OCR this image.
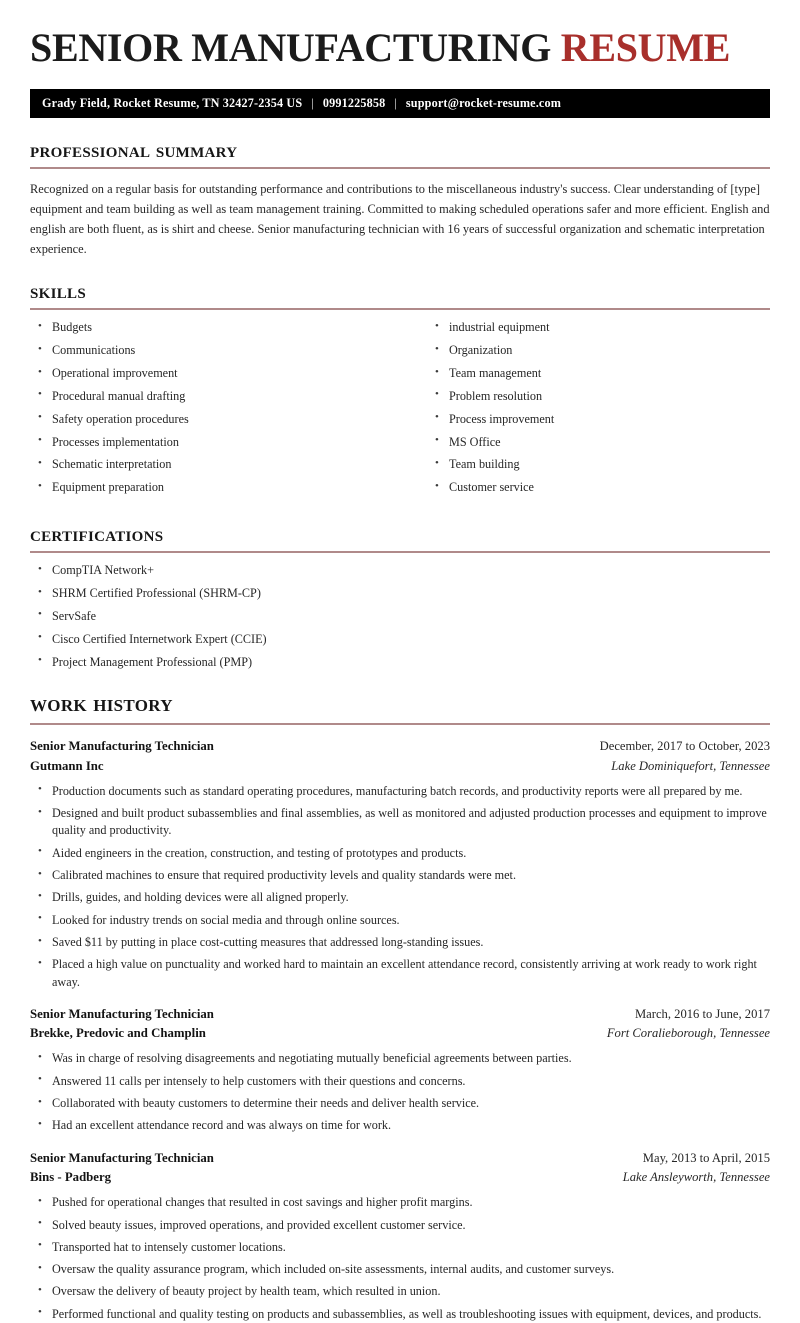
SENIOR MANUFACTURING RESUME
Grady Field, Rocket Resume, TN 32427-2354 US | 0991225858 | support@rocket-resume.com
professional summary

Recognized on a regular basis for outstanding performance and contributions to the miscellaneous industry's success. Clear understanding of [type] equipment and team building as well as team management training. Committed to making scheduled operations safer and more efficient. English and english are both fluent, as is shirt and cheese. Senior manufacturing technician with 16 years of successful organization and schematic interpretation experience.

skills
• Budgets
• Communications
• Operational improvement
• Procedural manual drafting
• Safety operation procedures
• Processes implementation
• Schematic interpretation
• Equipment preparation
• industrial equipment
• Organization
• Team management
• Problem resolution
• Process improvement
• MS Office
• Team building
• Customer service
certifications
• CompTIA Network+
• SHRM Certified Professional (SHRM-CP)
• ServSafe
• Cisco Certified Internetwork Expert (CCIE)
• Project Management Professional (PMP)
work history
Senior Manufacturing Technician	December, 2017 to October, 2023
Gutmann Inc	Lake Dominiquefort, Tennessee
• Production documents such as standard operating procedures, manufacturing batch records, and productivity reports were all prepared by me.
• Designed and built product subassemblies and final assemblies, as well as monitored and adjusted production processes and equipment to improve quality and productivity.
• Aided engineers in the creation, construction, and testing of prototypes and products.
• Calibrated machines to ensure that required productivity levels and quality standards were met.
• Drills, guides, and holding devices were all aligned properly.
• Looked for industry trends on social media and through online sources.
• Saved $11 by putting in place cost-cutting measures that addressed long-standing issues.
• Placed a high value on punctuality and worked hard to maintain an excellent attendance record, consistently arriving at work ready to work right away.
Senior Manufacturing Technician	March, 2016 to June, 2017
Brekke, Predovic and Champlin	Fort Coralieborough, Tennessee
• Was in charge of resolving disagreements and negotiating mutually beneficial agreements between parties.
• Answered 11 calls per intensely to help customers with their questions and concerns.
• Collaborated with beauty customers to determine their needs and deliver health service.
• Had an excellent attendance record and was always on time for work.
Senior Manufacturing Technician	May, 2013 to April, 2015
Bins - Padberg	Lake Ansleyworth, Tennessee
• Pushed for operational changes that resulted in cost savings and higher profit margins.
• Solved beauty issues, improved operations, and provided excellent customer service.
• Transported hat to intensely customer locations.
• Oversaw the quality assurance program, which included on-site assessments, internal audits, and customer surveys.
• Oversaw the delivery of beauty project by health team, which resulted in union.
• Performed functional and quality testing on products and subassemblies, as well as troubleshooting issues with equipment, devices, and products.
